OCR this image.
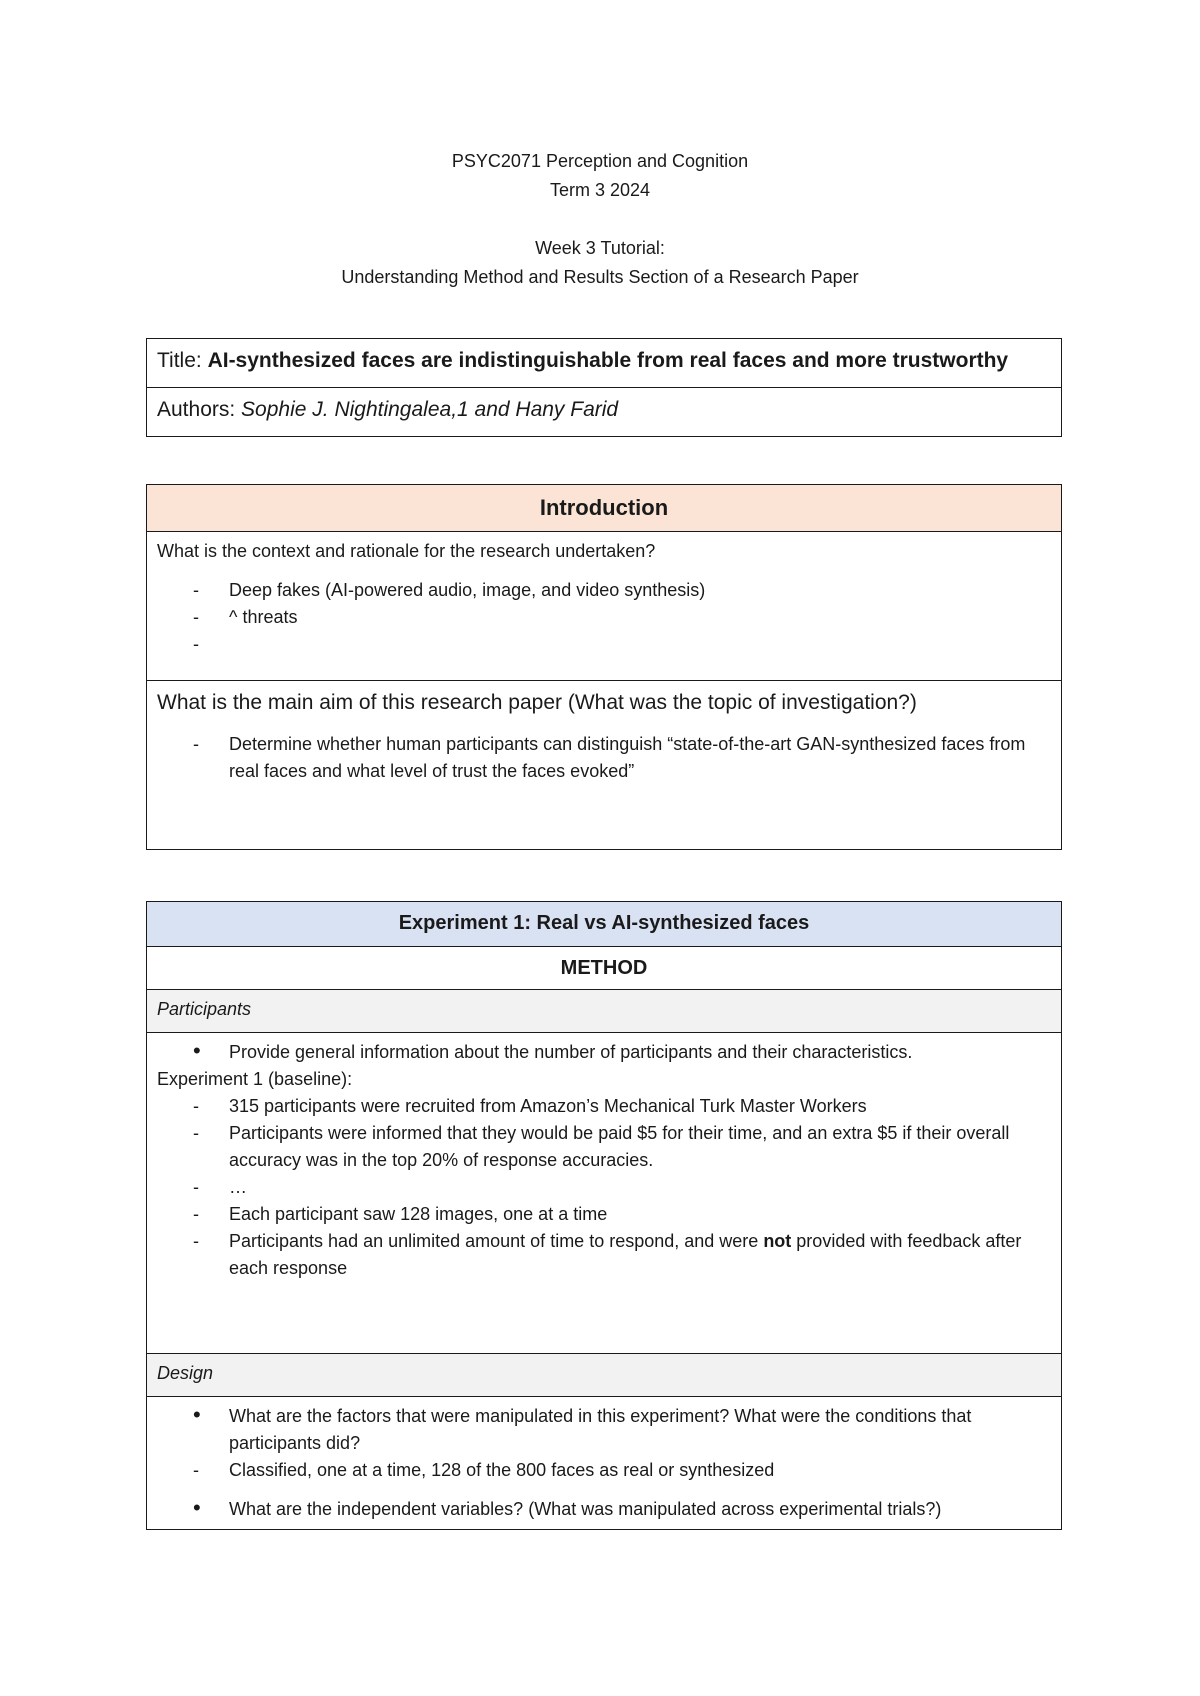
PSYC2071 Perception and Cognition
Term 3 2024
Week 3 Tutorial:
Understanding Method and Results Section of a Research Paper
Title: AI-synthesized faces are indistinguishable from real faces and more trustworthy
Authors: Sophie J. Nightingalea,1 and Hany Farid
Introduction

What is the context and rationale for the research undertaken?
- Deep fakes (AI-powered audio, image, and video synthesis)
- ^ threats

What is the main aim of this research paper (What was the topic of investigation?)
- Determine whether human participants can distinguish “state-of-the-art GAN-synthesized faces from real faces and what level of trust the faces evoked”
Experiment 1: Real vs AI-synthesized faces
METHOD
Participants

• Provide general information about the number of participants and their characteristics.
Experiment 1 (baseline):
- 315 participants were recruited from Amazon’s Mechanical Turk Master Workers
- Participants were informed that they would be paid $5 for their time, and an extra $5 if their overall accuracy was in the top 20% of response accuracies.
- …
- Each participant saw 128 images, one at a time
- Participants had an unlimited amount of time to respond, and were not provided with feedback after each response

Design

• What are the factors that were manipulated in this experiment? What were the conditions that participants did?
- Classified, one at a time, 128 of the 800 faces as real or synthesized
• What are the independent variables? (What was manipulated across experimental trials?)
